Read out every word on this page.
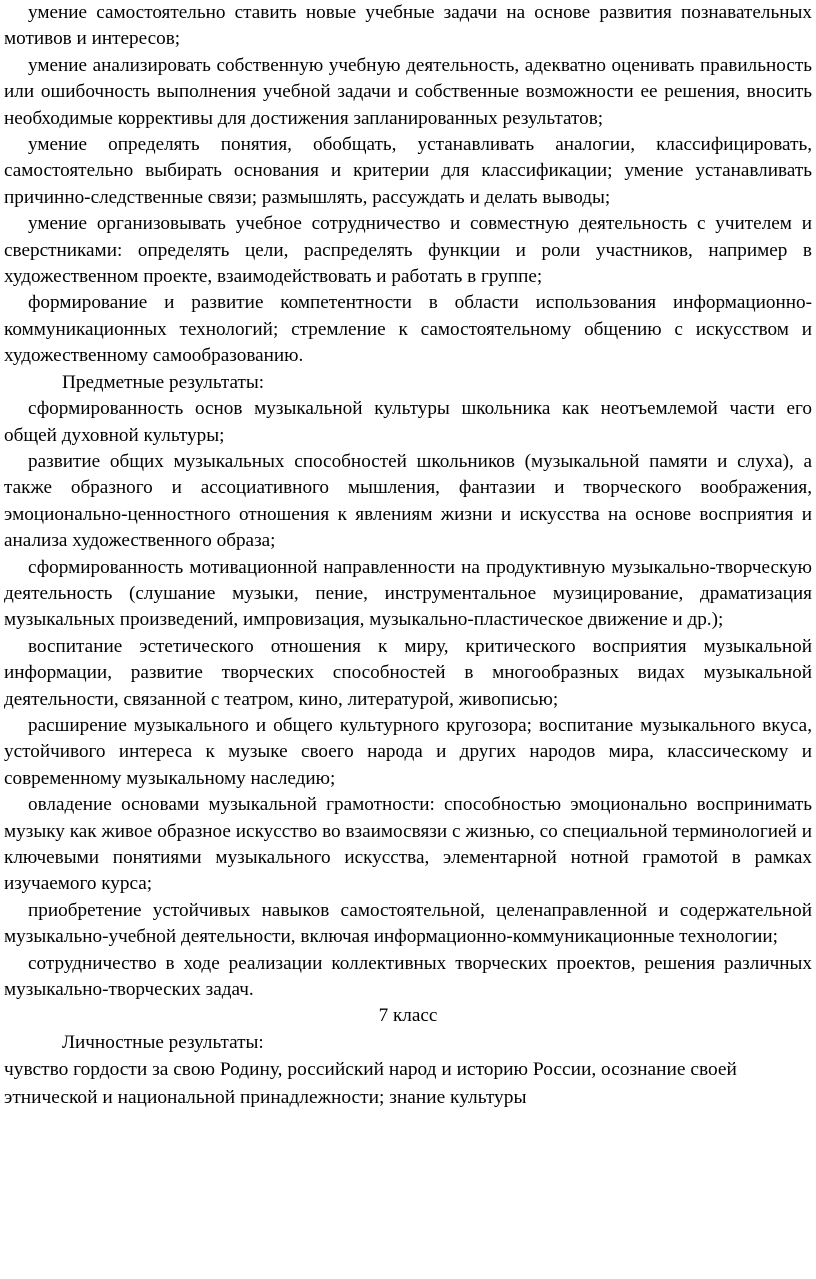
умение самостоятельно ставить новые учебные задачи на основе развития познавательных мотивов и интересов;

умение анализировать собственную учебную деятельность, адекватно оценивать правильность или ошибочность выполнения учебной задачи и собственные возможности ее решения, вносить необходимые коррективы для достижения запланированных результатов;

умение определять понятия, обобщать, устанавливать аналогии, классифицировать, самостоятельно выбирать основания и критерии для классификации; умение устанавливать причинно-следственные связи; размышлять, рассуждать и делать выводы;

умение организовывать учебное сотрудничество и совместную деятельность с учителем и сверстниками: определять цели, распределять функции и роли участников, например в художественном проекте, взаимодействовать и работать в группе;

формирование и развитие компетентности в области использования информационно-коммуникационных технологий; стремление к самостоятельному общению с искусством и художественному самообразованию.

Предметные результаты:

сформированность основ музыкальной культуры школьника как неотъемлемой части его общей духовной культуры;

развитие общих музыкальных способностей школьников (музыкальной памяти и слуха), а также образного и ассоциативного мышления, фантазии и творческого воображения, эмоционально-ценностного отношения к явлениям жизни и искусства на основе восприятия и анализа художественного образа;

сформированность мотивационной направленности на продуктивную музыкально-творческую деятельность (слушание музыки, пение, инструментальное музицирование, драматизация музыкальных произведений, импровизация, музыкально-пластическое движение и др.);

воспитание эстетического отношения к миру, критического восприятия музыкальной информации, развитие творческих способностей в многообразных видах музыкальной деятельности, связанной с театром, кино, литературой, живописью;

расширение музыкального и общего культурного кругозора; воспитание музыкального вкуса, устойчивого интереса к музыке своего народа и других народов мира, классическому и современному музыкальному наследию;

овладение основами музыкальной грамотности: способностью эмоционально воспринимать музыку как живое образное искусство во взаимосвязи с жизнью, со специальной терминологией и ключевыми понятиями музыкального искусства, элементарной нотной грамотой в рамках изучаемого курса;

приобретение устойчивых навыков самостоятельной, целенаправленной и содержательной музыкально-учебной деятельности, включая информационно-коммуникационные технологии;

сотрудничество в ходе реализации коллективных творческих проектов, решения различных музыкально-творческих задач.

7 класс

Личностные результаты:

чувство гордости за свою Родину, российский народ и историю России, осознание своей этнической и национальной принадлежности; знание культуры
